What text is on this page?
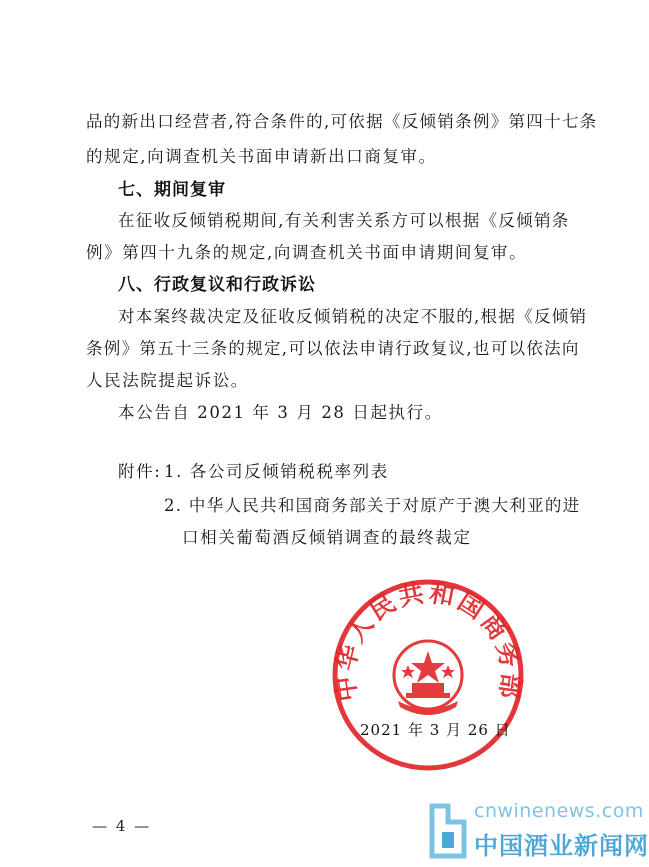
品的新出口经营者,符合条件的,可依据《反倾销条例》第四十七条
的规定,向调查机关书面申请新出口商复审。
七、期间复审
在征收反倾销税期间,有关利害关系方可以根据《反倾销条
例》第四十九条的规定,向调查机关书面申请期间复审。
八、行政复议和行政诉讼
对本案终裁决定及征收反倾销税的决定不服的,根据《反倾销
条例》第五十三条的规定,可以依法申请行政复议,也可以依法向
人民法院提起诉讼。
本公告自 2021 年 3 月 28 日起执行。
附件: 1. 各公司反倾销税税率列表
2. 中华人民共和国商务部关于对原产于澳大利亚的进
口相关葡萄酒反倾销调查的最终裁定
中华人民共和国商务部
2021 年 3 月 26 日
— 4 —
cnwinenews.com
中国酒业新闻网
